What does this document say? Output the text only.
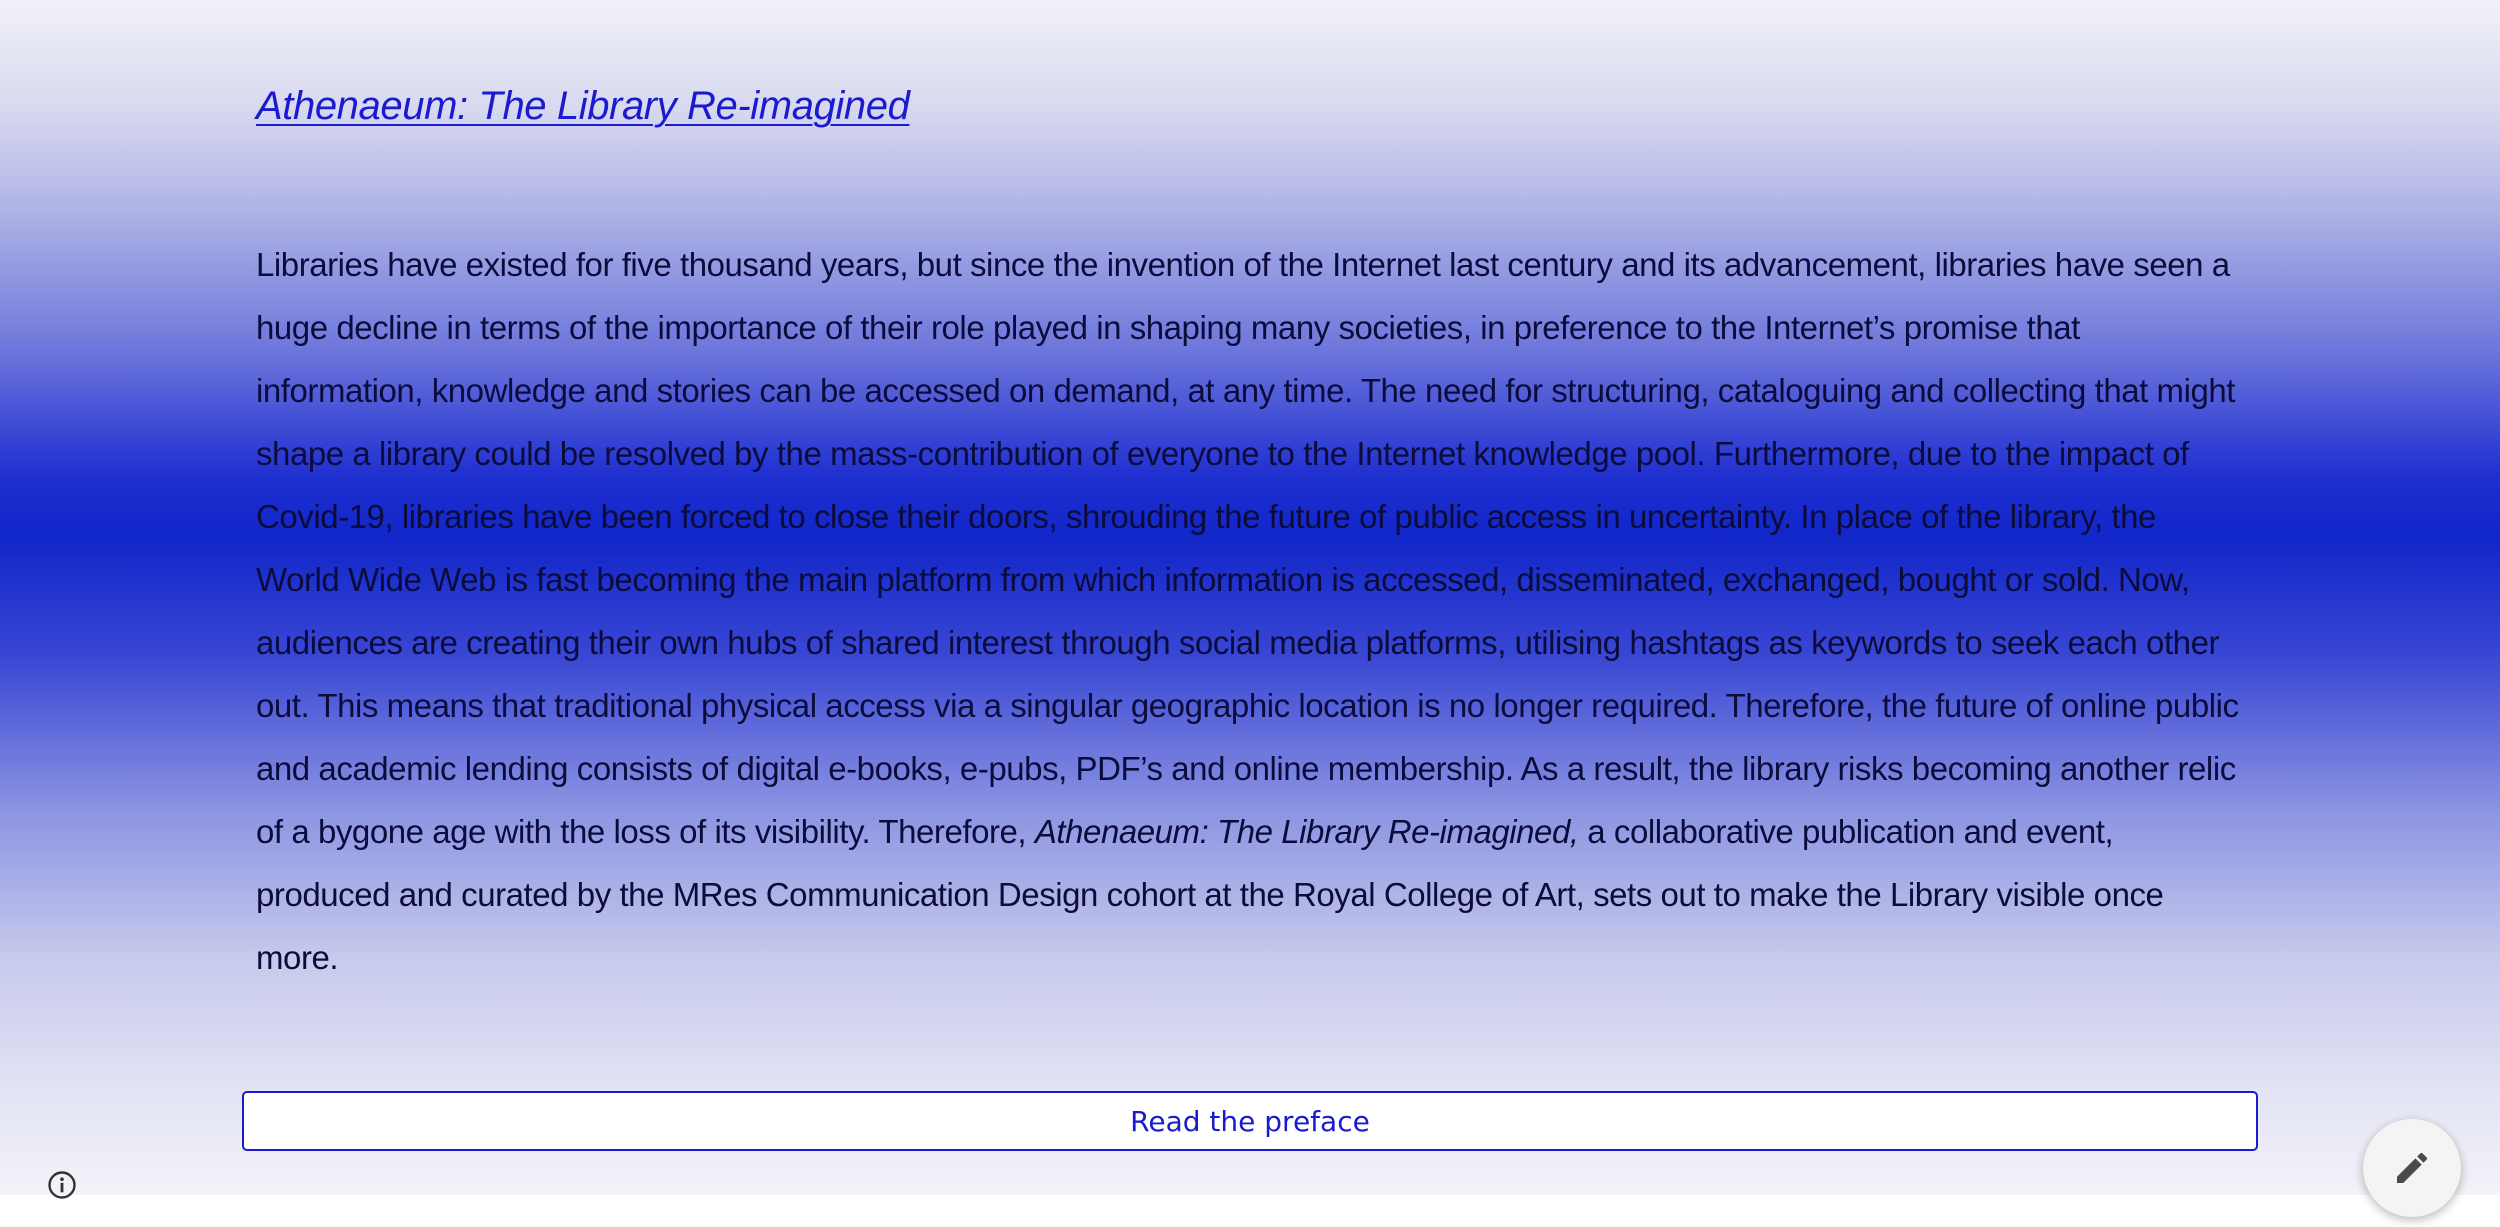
Athenaeum: The Library Re-imagined

Libraries have existed for five thousand years, but since the invention of the Internet last century and its advancement, libraries have seen a huge decline in terms of the importance of their role played in shaping many societies, in preference to the Internet’s promise that information, knowledge and stories can be accessed on demand, at any time. The need for structuring, cataloguing and collecting that might shape a library could be resolved by the mass-contribution of everyone to the Internet knowledge pool. Furthermore, due to the impact of Covid-19, libraries have been forced to close their doors, shrouding the future of public access in uncertainty. In place of the library, the World Wide Web is fast becoming the main platform from which information is accessed, disseminated, exchanged, bought or sold. Now, audiences are creating their own hubs of shared interest through social media platforms, utilising hashtags as keywords to seek each other out. This means that traditional physical access via a singular geographic location is no longer required. Therefore, the future of online public and academic lending consists of digital e-books, e-pubs, PDF’s and online membership. As a result, the library risks becoming another relic of a bygone age with the loss of its visibility. Therefore, Athenaeum: The Library Re-imagined, a collaborative publication and event, produced and curated by the MRes Communication Design cohort at the Royal College of Art, sets out to make the Library visible once more.

Read the preface
